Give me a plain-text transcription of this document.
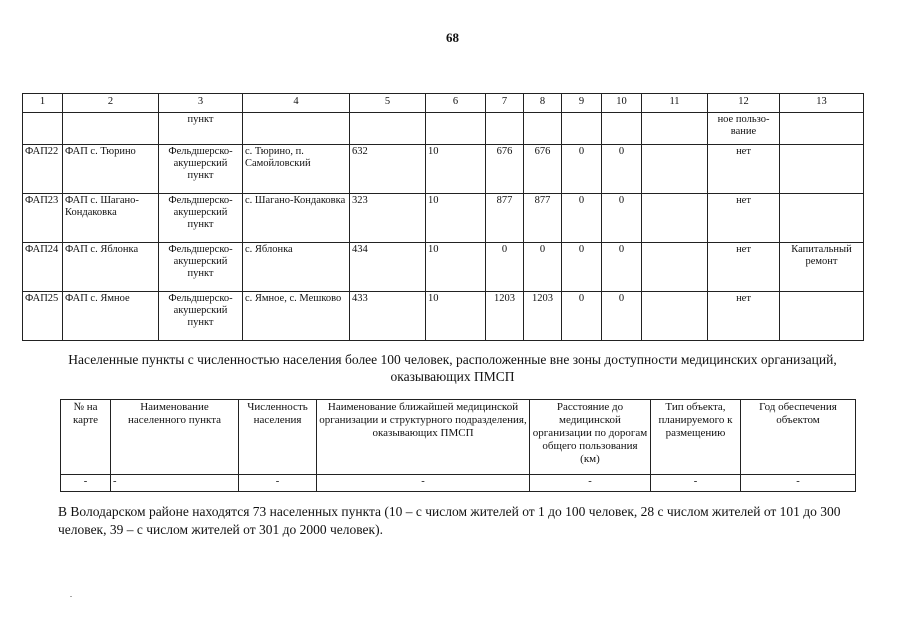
68
1	2	3	4	5	6	7	8	9	10	11	12	13
		пункт									ное пользо-вание	
ФАП22	ФАП с. Тюрино	Фельдшерско-акушерский пункт	с. Тюрино, п. Самойловский	632	10	676	676	0	0		нет	
ФАП23	ФАП с. Шагано-Кондаковка	Фельдшерско-акушерский пункт	с. Шагано-Кондаковка	323	10	877	877	0	0		нет	
ФАП24	ФАП с. Яблонка	Фельдшерско-акушерский пункт	с. Яблонка	434	10	0	0	0	0		нет	Капитальный ремонт
ФАП25	ФАП с. Ямное	Фельдшерско-акушерский пункт	с. Ямное, с. Мешково	433	10	1203	1203	0	0		нет	
Населенные пункты с численностью населения более 100 человек, расположенные вне зоны доступности медицинских организаций, оказывающих ПМСП
№ на карте	Наименование населенного пункта	Численность населения	Наименование ближайшей медицинской организации и структурного подразделения, оказывающих ПМСП	Расстояние до медицинской организации по дорогам общего пользования (км)	Тип объекта, планируемого к размещению	Год обеспечения объектом
-	-	-	-	-	-	-
В Володарском районе находятся 73 населенных пункта (10 – с числом жителей от 1 до 100 человек, 28 с числом жителей от 101 до 300 человек, 39 – с числом жителей от 301 до 2000 человек).
.
